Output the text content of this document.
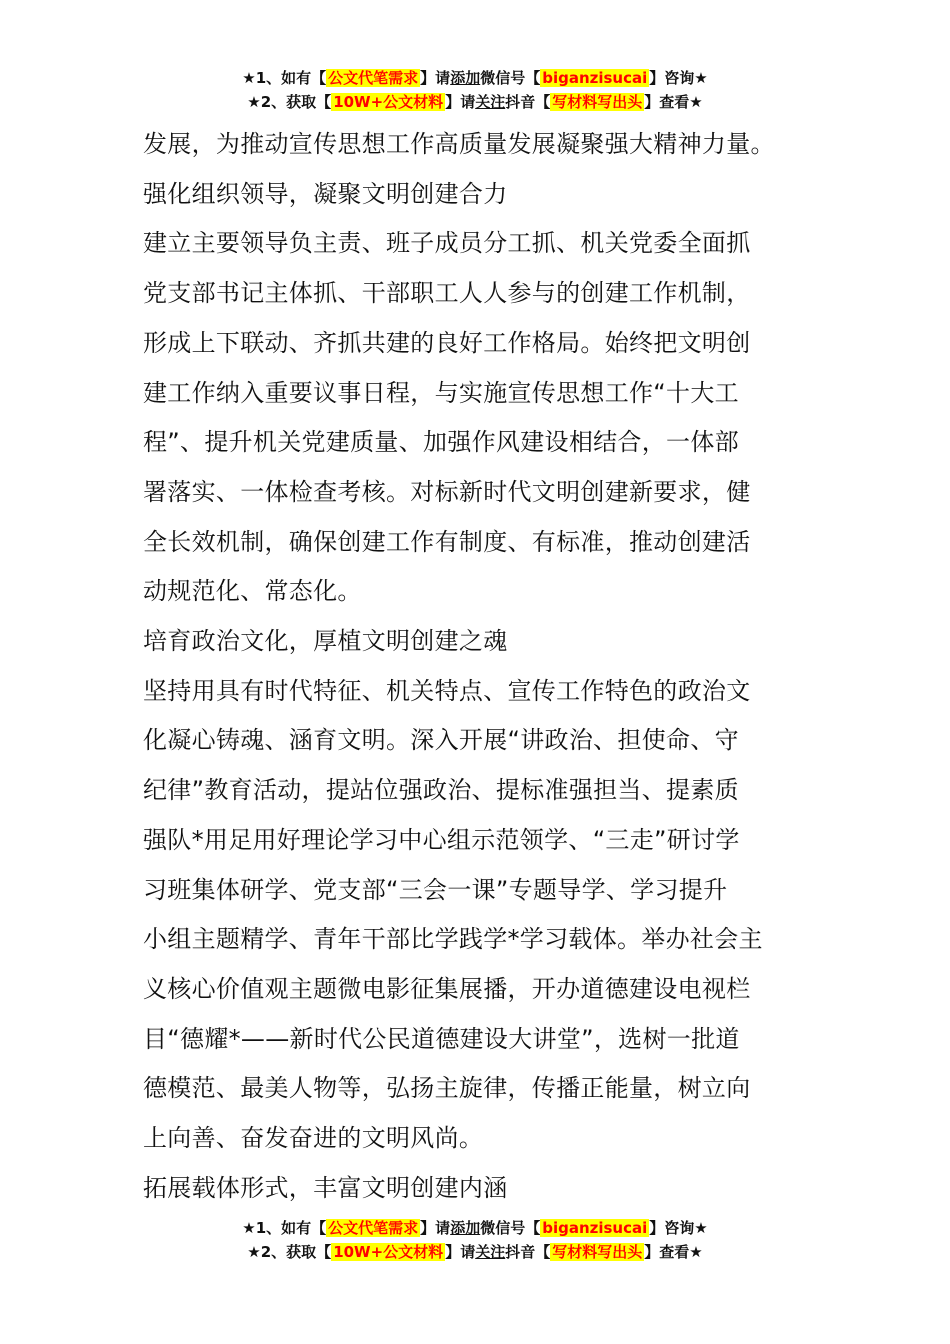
★1、如有【 公文代笔需求 】请添加微信号【 biganzisucai 】咨询★
★2、获取【 10W+公文材料 】请关注抖音【 写材料写出头 】查看★
发展，为推动宣传思想工作高质量发展凝聚强大精神力量。
强化组织领导，凝聚文明创建合力
建立主要领导负主责、班子成员分工抓、机关党委全面抓
党支部书记主体抓、干部职工人人参与的创建工作机制，
形成上下联动、齐抓共建的良好工作格局。始终把文明创
建工作纳入重要议事日程，与实施宣传思想工作“十大工
程”、提升机关党建质量、加强作风建设相结合，一体部
署落实、一体检查考核。对标新时代文明创建新要求，健
全长效机制，确保创建工作有制度、有标准，推动创建活
动规范化、常态化。
培育政治文化，厚植文明创建之魂
坚持用具有时代特征、机关特点、宣传工作特色的政治文
化凝心铸魂、涵育文明。深入开展“讲政治、担使命、守
纪律”教育活动，提站位强政治、提标准强担当、提素质
强队*用足用好理论学习中心组示范领学、“三走”研讨学
习班集体研学、党支部“三会一课”专题导学、学习提升
小组主题精学、青年干部比学践学*学习载体。举办社会主
义核心价值观主题微电影征集展播，开办道德建设电视栏
目“德耀*——新时代公民道德建设大讲堂”，选树一批道
德模范、最美人物等，弘扬主旋律，传播正能量，树立向
上向善、奋发奋进的文明风尚。
拓展载体形式，丰富文明创建内涵
★1、如有【 公文代笔需求 】请添加微信号【 biganzisucai 】咨询★
★2、获取【 10W+公文材料 】请关注抖音【 写材料写出头 】查看★
